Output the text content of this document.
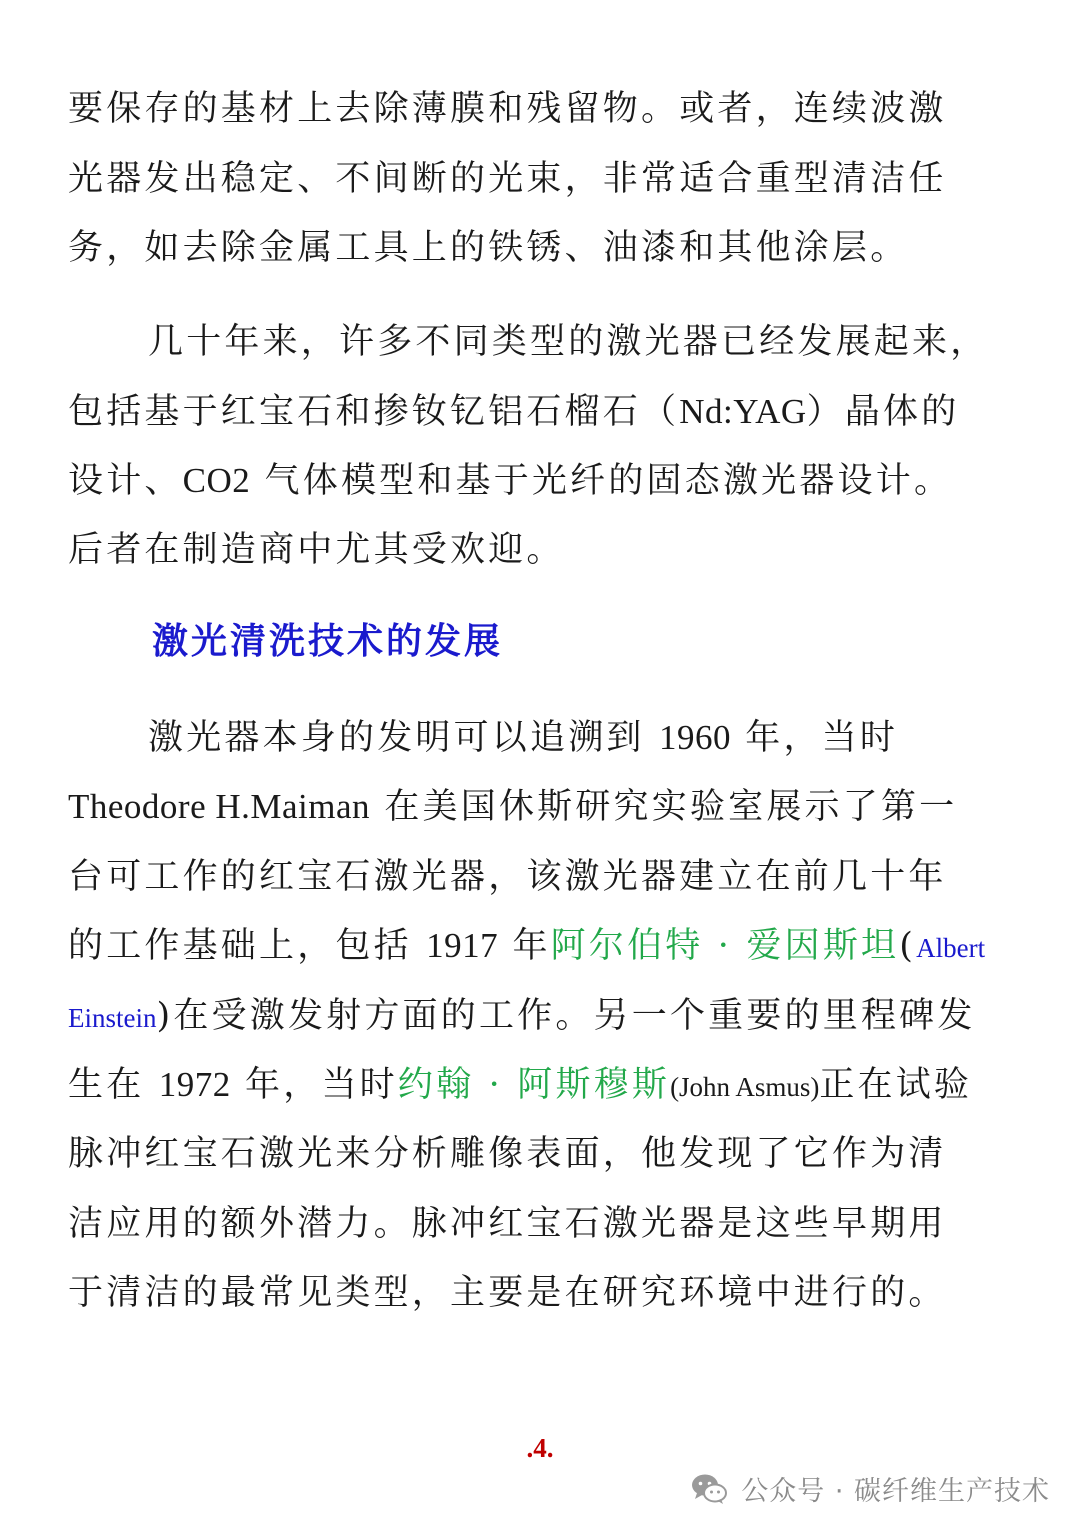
要保存的基材上去除薄膜和残留物。或者，连续波激
光器发出稳定、不间断的光束，非常适合重型清洁任
务，如去除金属工具上的铁锈、油漆和其他涂层。
几十年来，许多不同类型的激光器已经发展起来，
包括基于红宝石和掺钕钇铝石榴石（Nd:YAG）晶体的
设计、CO2 气体模型和基于光纤的固态激光器设计。
后者在制造商中尤其受欢迎。
激光清洗技术的发展
激光器本身的发明可以追溯到 1960 年，当时
Theodore H.Maiman 在美国休斯研究实验室展示了第一
台可工作的红宝石激光器，该激光器建立在前几十年
的工作基础上，包括 1917 年阿尔伯特 · 爱因斯坦(Albert
Einstein)在受激发射方面的工作。另一个重要的里程碑发
生在 1972 年，当时约翰 · 阿斯穆斯(John Asmus)正在试验
脉冲红宝石激光来分析雕像表面，他发现了它作为清
洁应用的额外潜力。脉冲红宝石激光器是这些早期用
于清洁的最常见类型，主要是在研究环境中进行的。
.4.
公众号 · 碳纤维生产技术
